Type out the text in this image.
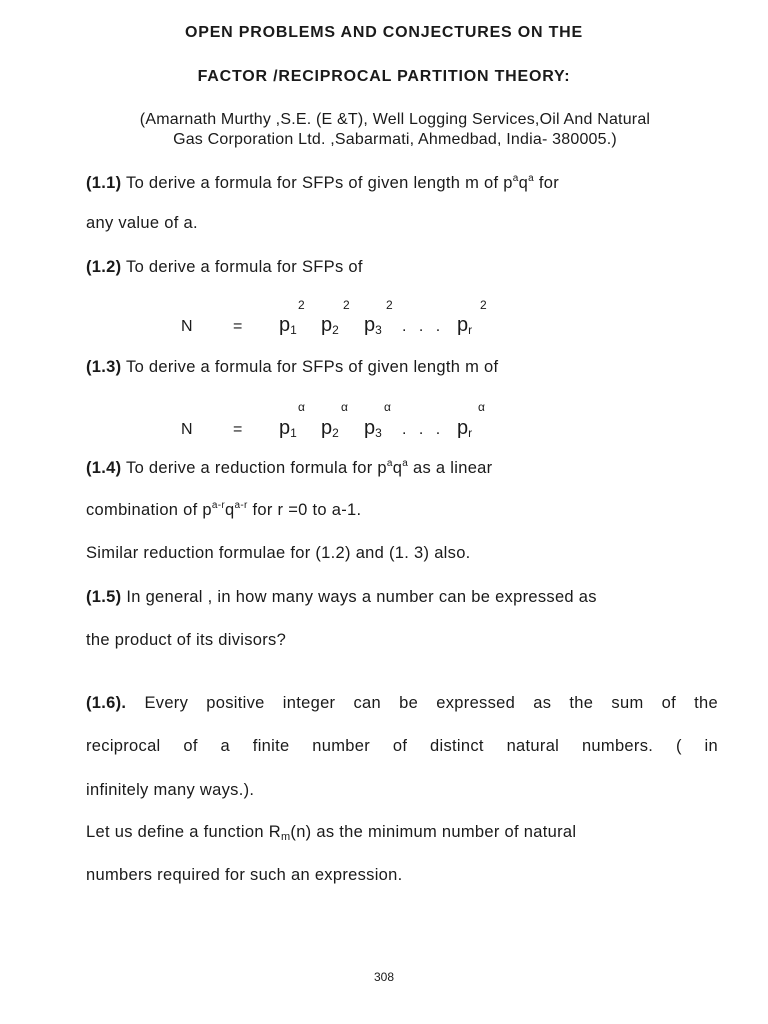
OPEN PROBLEMS AND CONJECTURES ON THE
FACTOR /RECIPROCAL PARTITION THEORY:
(Amarnath Murthy ,S.E. (E &T), Well Logging Services,Oil And Natural
Gas Corporation Ltd. ,Sabarmati, Ahmedbad, India- 380005.)
(1.1) To derive a formula for SFPs of given length m of $p^aq^a$ for
any value of a.
(1.2) To derive a formula for SFPs of
2	2	2	2
N	= p1 p2 p3 . . . pr
(1.3) To derive a formula for SFPs of given length m of
α	α	α	α
N	= p1 p2 p3 . . . pr
(1.4) To derive a reduction formula for $p^aq^a$ as a linear
combination of $p^{a-r}q^{a-r}$ for r =0 to a-1.
Similar reduction formulae for (1.2) and (1. 3) also.
(1.5) In general , in how many ways a number can be expressed as
the product of its divisors?
(1.6). Every positive integer can be expressed as the sum of the
reciprocal of a finite number of distinct natural numbers. ( in
infinitely many ways.).
Let us define a function $R_m(n)$ as the minimum number of natural
numbers required for such an expression.
308
